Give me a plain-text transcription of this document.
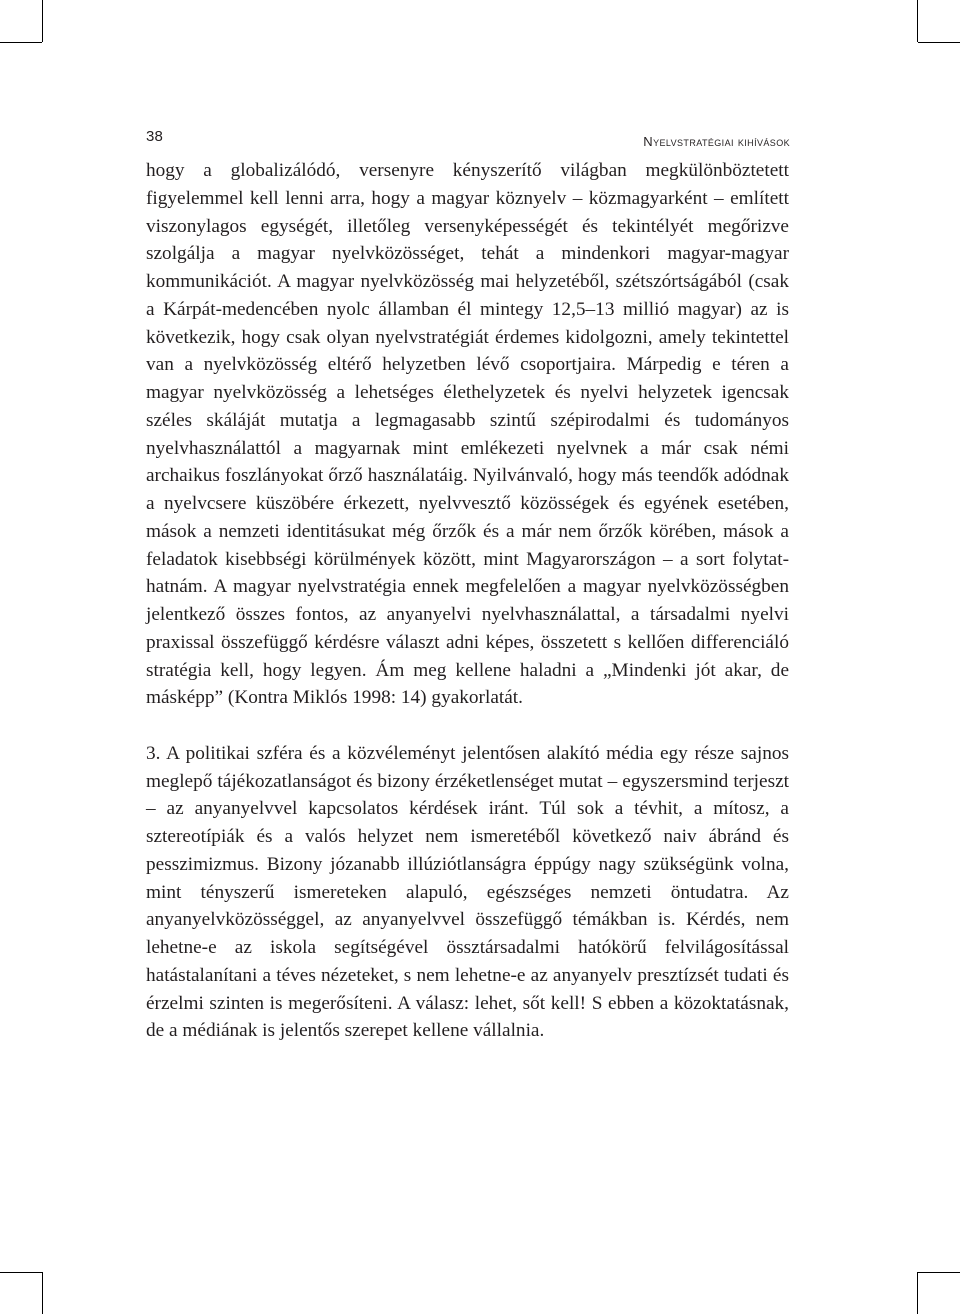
38	Nyelvstratégiai kihívások

hogy a globalizálódó, versenyre kényszerítő világban megkülönböztetett figyelemmel kell lenni arra, hogy a magyar köznyelv – közmagyarként – említett viszonylagos egységét, illetőleg versenyképességét és tekintélyét megőrizve szolgálja a magyar nyelvközösséget, tehát a mindenkori magyar-magyar kommunikációt. A magyar nyelvközösség mai helyzetéből, szétszórtságából (csak a Kárpát-medencében nyolc államban él mintegy 12,5–13 millió magyar) az is következik, hogy csak olyan nyelvstratégiát érdemes kidolgozni, amely tekintettel van a nyelvközösség eltérő helyzetben lévő csoportjaira. Márpedig e téren a magyar nyelvközösség a lehetséges élethelyzetek és nyelvi helyzetek igencsak széles skáláját mutatja a legmagasabb szintű szépirodalmi és tudományos nyelvhasználattól a magyarnak mint emlékezeti nyelvnek a már csak némi archaikus foszlányokat őrző használatáig. Nyilvánvaló, hogy más teendők adódnak a nyelvcsere küszöbére érkezett, nyelvvesztő közösségek és egyének esetében, mások a nemzeti identitásukat még őrzők és a már nem őrzők körében, mások a feladatok kisebbségi körülmények között, mint Magyarországon – a sort folytathatnám. A magyar nyelvstratégia ennek megfelelően a magyar nyelvközösségben jelentkező összes fontos, az anyanyelvi nyelvhasználattal, a társadalmi nyelvi praxissal összefüggő kérdésre választ adni képes, összetett s kellően differenciáló stratégia kell, hogy legyen. Ám meg kellene haladni a „Mindenki jót akar, de másképp” (Kontra Miklós 1998: 14) gyakorlatát.

3. A politikai szféra és a közvéleményt jelentősen alakító média egy része sajnos meglepő tájékozatlanságot és bizony érzéketlenséget mutat – egyszersmind terjeszt – az anyanyelvvel kapcsolatos kérdések iránt. Túl sok a tévhit, a mítosz, a sztereotípiák és a valós helyzet nem ismeretéből következő naiv ábránd és pesszimizmus. Bizony józanabb illúziótlanságra éppúgy nagy szükségünk volna, mint tényszerű ismereteken alapuló, egészséges nemzeti öntudatra. Az anyanyelvközösséggel, az anyanyelvvel összefüggő témákban is. Kérdés, nem lehetne-e az iskola segítségével össztársadalmi hatókörű felvilágosítással hatástalanítani a téves nézeteket, s nem lehetne-e az anyanyelv presztízsét tudati és érzelmi szinten is megerősíteni. A válasz: lehet, sőt kell! S ebben a közoktatásnak, de a médiának is jelentős szerepet kellene vállalnia.
